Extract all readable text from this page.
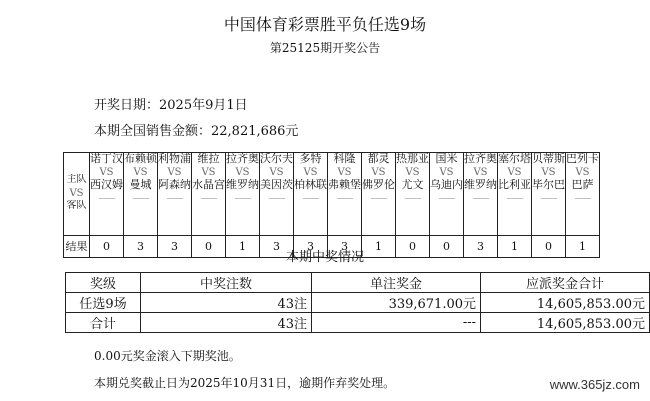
中国体育彩票胜平负任选9场
第25125期开奖公告
开奖日期：2025年9月1日
本期全国销售金额：22,821,686元
主队
VS
客队	诺丁汉
VS
西汉姆
——	布赖顿
VS
曼城
——	利物浦
VS
阿森纳
——	维拉
VS
水晶宫
——	拉齐奥
VS
维罗纳
——	沃尔夫
VS
美因茨
——	多特
VS
柏林联
——	科隆
VS
弗赖堡
——	都灵
VS
佛罗伦
——	热那亚
VS
尤文
——	国米
VS
乌迪内
——	拉齐奥
VS
维罗纳
——	塞尔塔
VS
比利亚
——	贝蒂斯
VS
毕尔巴
——	巴列卡
VS
巴萨
——

结果	0	3	3	0	1	3	3	3	1	0	0	3	1	0	1
本期中奖情况
奖级	中奖注数	单注奖金	应派奖金合计
任选9场	43注	339,671.00元	14,605,853.00元
合计	43注	---	14,605,853.00元
0.00元奖金滚入下期奖池。
本期兑奖截止日为2025年10月31日，逾期作弃奖处理。	www.365jz.com
